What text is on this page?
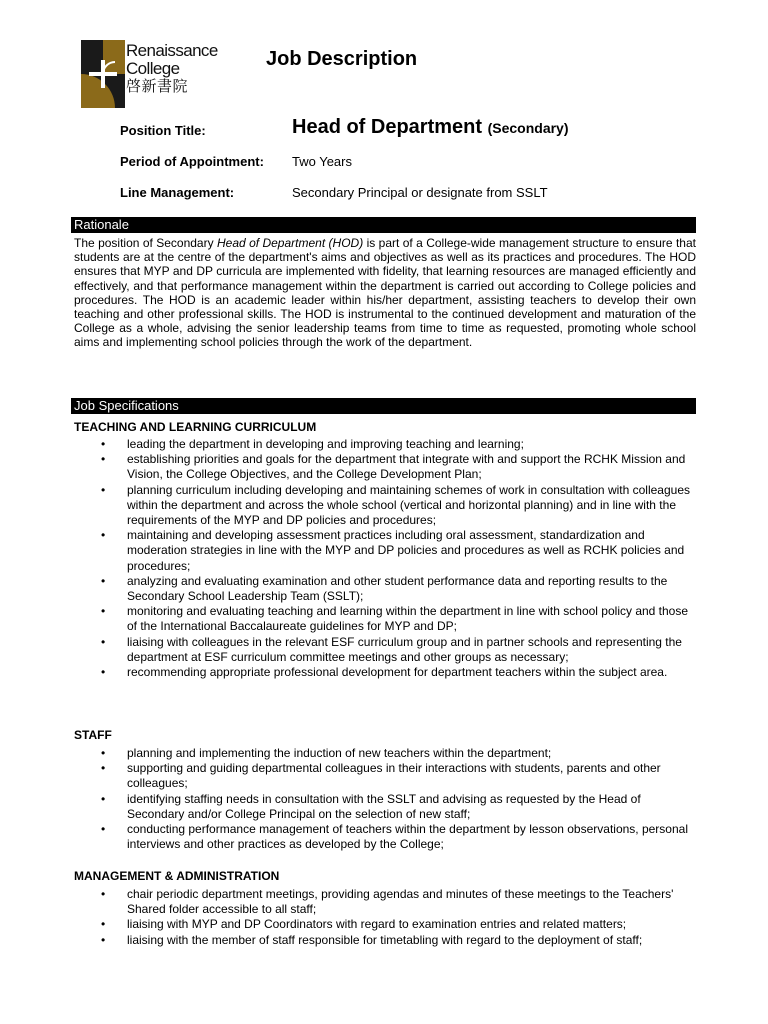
Renaissance
College
啓新書院
Job Description
Position Title:	Head of Department (Secondary)
Period of Appointment: Two Years
Line Management:	Secondary Principal or designate from SSLT
Rationale
The position of Secondary Head of Department (HOD) is part of a College-wide management structure to ensure that students are at the centre of the department's aims and objectives as well as its practices and procedures. The HOD ensures that MYP and DP curricula are implemented with fidelity, that learning resources are managed efficiently and effectively, and that performance management within the department is carried out according to College policies and procedures. The HOD is an academic leader within his/her department, assisting teachers to develop their own teaching and other professional skills. The HOD is instrumental to the continued development and maturation of the College as a whole, advising the senior leadership teams from time to time as requested, promoting whole school aims and implementing school policies through the work of the department.
Job Specifications
TEACHING AND LEARNING CURRICULUM
• leading the department in developing and improving teaching and learning;
• establishing priorities and goals for the department that integrate with and support the RCHK Mission and Vision, the College Objectives, and the College Development Plan;
• planning curriculum including developing and maintaining schemes of work in consultation with colleagues within the department and across the whole school (vertical and horizontal planning) and in line with the requirements of the MYP and DP policies and procedures;
• maintaining and developing assessment practices including oral assessment, standardization and moderation strategies in line with the MYP and DP policies and procedures as well as RCHK policies and procedures;
• analyzing and evaluating examination and other student performance data and reporting results to the Secondary School Leadership Team (SSLT);
• monitoring and evaluating teaching and learning within the department in line with school policy and those of the International Baccalaureate guidelines for MYP and DP;
• liaising with colleagues in the relevant ESF curriculum group and in partner schools and representing the department at ESF curriculum committee meetings and other groups as necessary;
• recommending appropriate professional development for department teachers within the subject area.
STAFF
• planning and implementing the induction of new teachers within the department;
• supporting and guiding departmental colleagues in their interactions with students, parents and other colleagues;
• identifying staffing needs in consultation with the SSLT and advising as requested by the Head of Secondary and/or College Principal on the selection of new staff;
• conducting performance management of teachers within the department by lesson observations, personal interviews and other practices as developed by the College;
MANAGEMENT & ADMINISTRATION
• chair periodic department meetings, providing agendas and minutes of these meetings to the Teachers' Shared folder accessible to all staff;
• liaising with MYP and DP Coordinators with regard to examination entries and related matters;
• liaising with the member of staff responsible for timetabling with regard to the deployment of staff;
